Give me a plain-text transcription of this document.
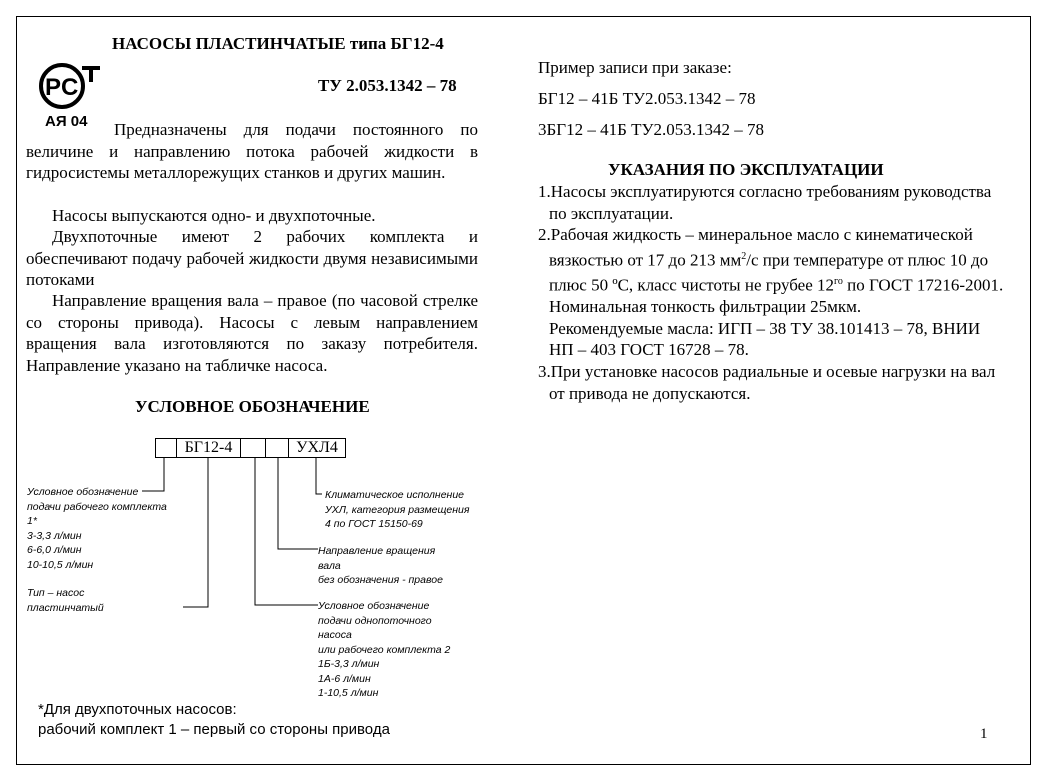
НАСОСЫ ПЛАСТИНЧАТЫЕ типа БГ12-4
ТУ 2.053.1342 – 78
PC
АЯ 04	Предназначены для подачи постоянного по величине и направлению потока рабочей жидкости в гидросистемы металлорежущих станков и других машин.
Насосы выпускаются одно- и двухпоточные.
Двухпоточные имеют 2 рабочих комплекта и обеспечивают подачу рабочей жидкости двумя независимыми потоками
Направление вращения вала – правое (по часовой стрелке со стороны привода). Насосы с левым направлением вращения вала изготовляются по заказу потребителя. Направление указано на табличке насоса.
УСЛОВНОЕ ОБОЗНАЧЕНИЕ
БГ12-4	УХЛ4
Условное обозначение
подачи рабочего комплекта
1*
3-3,3 л/мин
6-6,0 л/мин
10-10,5 л/мин
Тип – насос
пластинчатый
Климатическое исполнение
УХЛ, категория размещения
4 по ГОСТ 15150-69
Направление вращения
вала
без обозначения - правое
Условное обозначение
подачи однопоточного
насоса
или рабочего комплекта 2
1Б-3,3 л/мин
1А-6 л/мин
1-10,5 л/мин
*Для двухпоточных насосов:
рабочий комплект 1 – первый со стороны привода
Пример записи при заказе:
БГ12 – 41Б ТУ2.053.1342 – 78
3БГ12 – 41Б ТУ2.053.1342 – 78
УКАЗАНИЯ ПО ЭКСПЛУАТАЦИИ
1.Насосы эксплуатируются согласно требованиям руководства по эксплуатации.
2.Рабочая жидкость – минеральное масло с кинематической вязкостью от 17 до 213 $мм^2/с$ при температуре от плюс 10 до плюс 50 ºС, класс чистоты не грубее $12^{го}$ по ГОСТ 17216-2001.
Номинальная тонкость фильтрации 25мкм.
Рекомендуемые масла: ИГП – 38 ТУ 38.101413 – 78, ВНИИ НП – 403 ГОСТ 16728 – 78.
3.При установке насосов радиальные и осевые нагрузки на вал от привода не допускаются.
1
